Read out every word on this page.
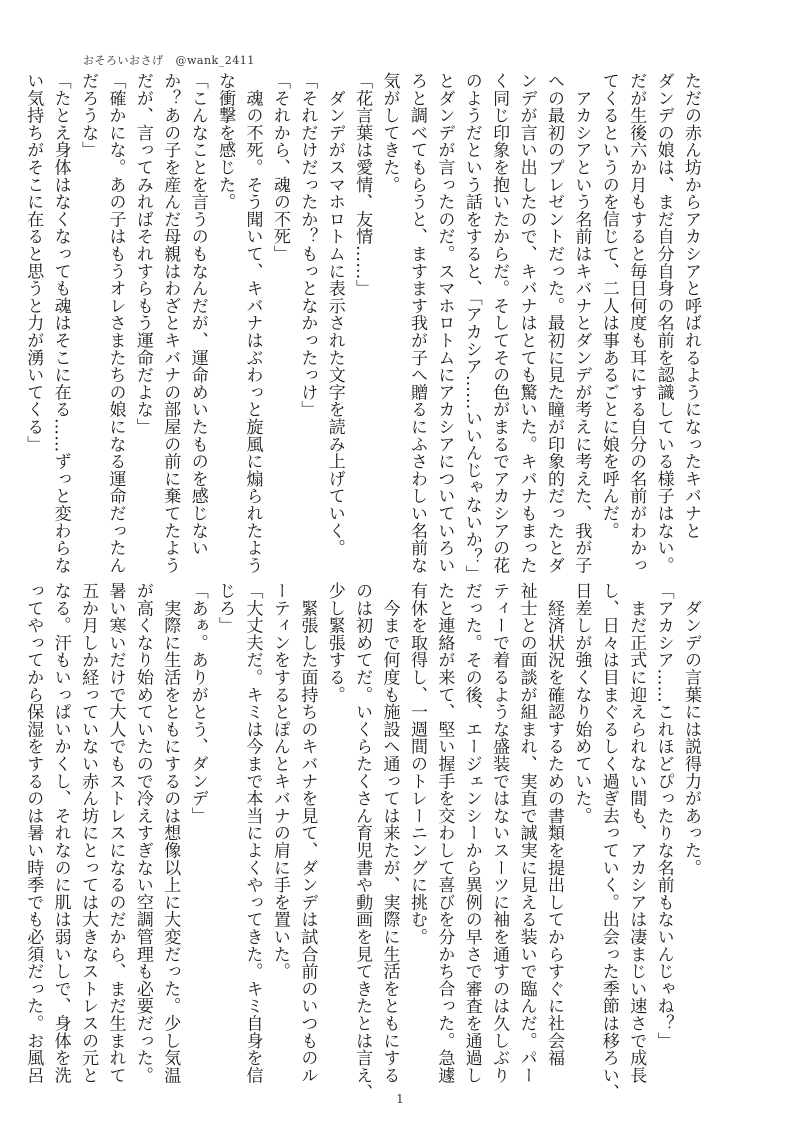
おそろいおさげ @wank_2411

ただの赤ん坊からアカシアと呼ばれるようになったキバナと

ダンデの娘は、まだ自分自身の名前を認識している様子はない。

だが生後六か月もすると毎日何度も耳にする自分の名前がわかっ

てくるというのを信じて、二人は事あるごとに娘を呼んだ。

　アカシアという名前はキバナとダンデが考えに考えた、我が子

への最初のプレゼントだった。最初に見た瞳が印象的だったとダ

ンデが言い出したので、キバナはとても驚いた。キバナもまった

く同じ印象を抱いたからだ。そしてその色がまるでアカシアの花

のようだという話をすると、「アカシア……いいんじゃないか？」

とダンデが言ったのだ。スマホロトムにアカシアについていろい

ろと調べてもらうと、ますます我が子へ贈るにふさわしい名前な

気がしてきた。

「花言葉は愛情、友情……」

　ダンデがスマホロトムに表示された文字を読み上げていく。

「それだけだったか？もっとなかったっけ」

「それから、魂の不死」

　魂の不死。そう聞いて、キバナはぶわっと旋風に煽られたよう

な衝撃を感じた。

「こんなことを言うのもなんだが、運命めいたものを感じない

か？あの子を産んだ母親はわざとキバナの部屋の前に棄てたよう

だが、言ってみればそれすらもう運命だよな」

「確かにな。あの子はもうオレさまたちの娘になる運命だったん

だろうな」

「たとえ身体はなくなっても魂はそこに在る……ずっと変わらな

い気持ちがそこに在ると思うと力が湧いてくる」

　ダンデの言葉には説得力があった。

「アカシア……これほどぴったりな名前もないんじゃね？」

　まだ正式に迎えられない間も、アカシアは凄まじい速さで成長

し、日々は目まぐるしく過ぎ去っていく。出会った季節は移ろい、

日差しが強くなり始めていた。

　経済状況を確認するための書類を提出してからすぐに社会福

祉士との面談が組まれ、実直で誠実に見える装いで臨んだ。パー

ティーで着るような盛装ではないスーツに袖を通すのは久しぶり

だった。その後、エージェンシーから異例の早さで審査を通過し

たと連絡が来て、堅い握手を交わして喜びを分かち合った。急遽

有休を取得し、一週間のトレーニングに挑む。

　今まで何度も施設へ通っては来たが、実際に生活をともにする

のは初めてだ。いくらたくさん育児書や動画を見てきたとは言え、

少し緊張する。

　緊張した面持ちのキバナを見て、ダンデは試合前のいつものル

ーティンをするとぽんとキバナの肩に手を置いた。

「大丈夫だ。キミは今まで本当によくやってきた。キミ自身を信

じろ」

「あぁ。ありがとう、ダンデ」

　実際に生活をともにするのは想像以上に大変だった。少し気温

が高くなり始めていたので冷えすぎない空調管理も必要だった。

暑い寒いだけで大人でもストレスになるのだから、まだ生まれて

五か月しか経っていない赤ん坊にとっては大きなストレスの元と

なる。汗もいっぱいかくし、それなのに肌は弱いしで、身体を洗

ってやってから保湿をするのは暑い時季でも必須だった。お風呂

1
